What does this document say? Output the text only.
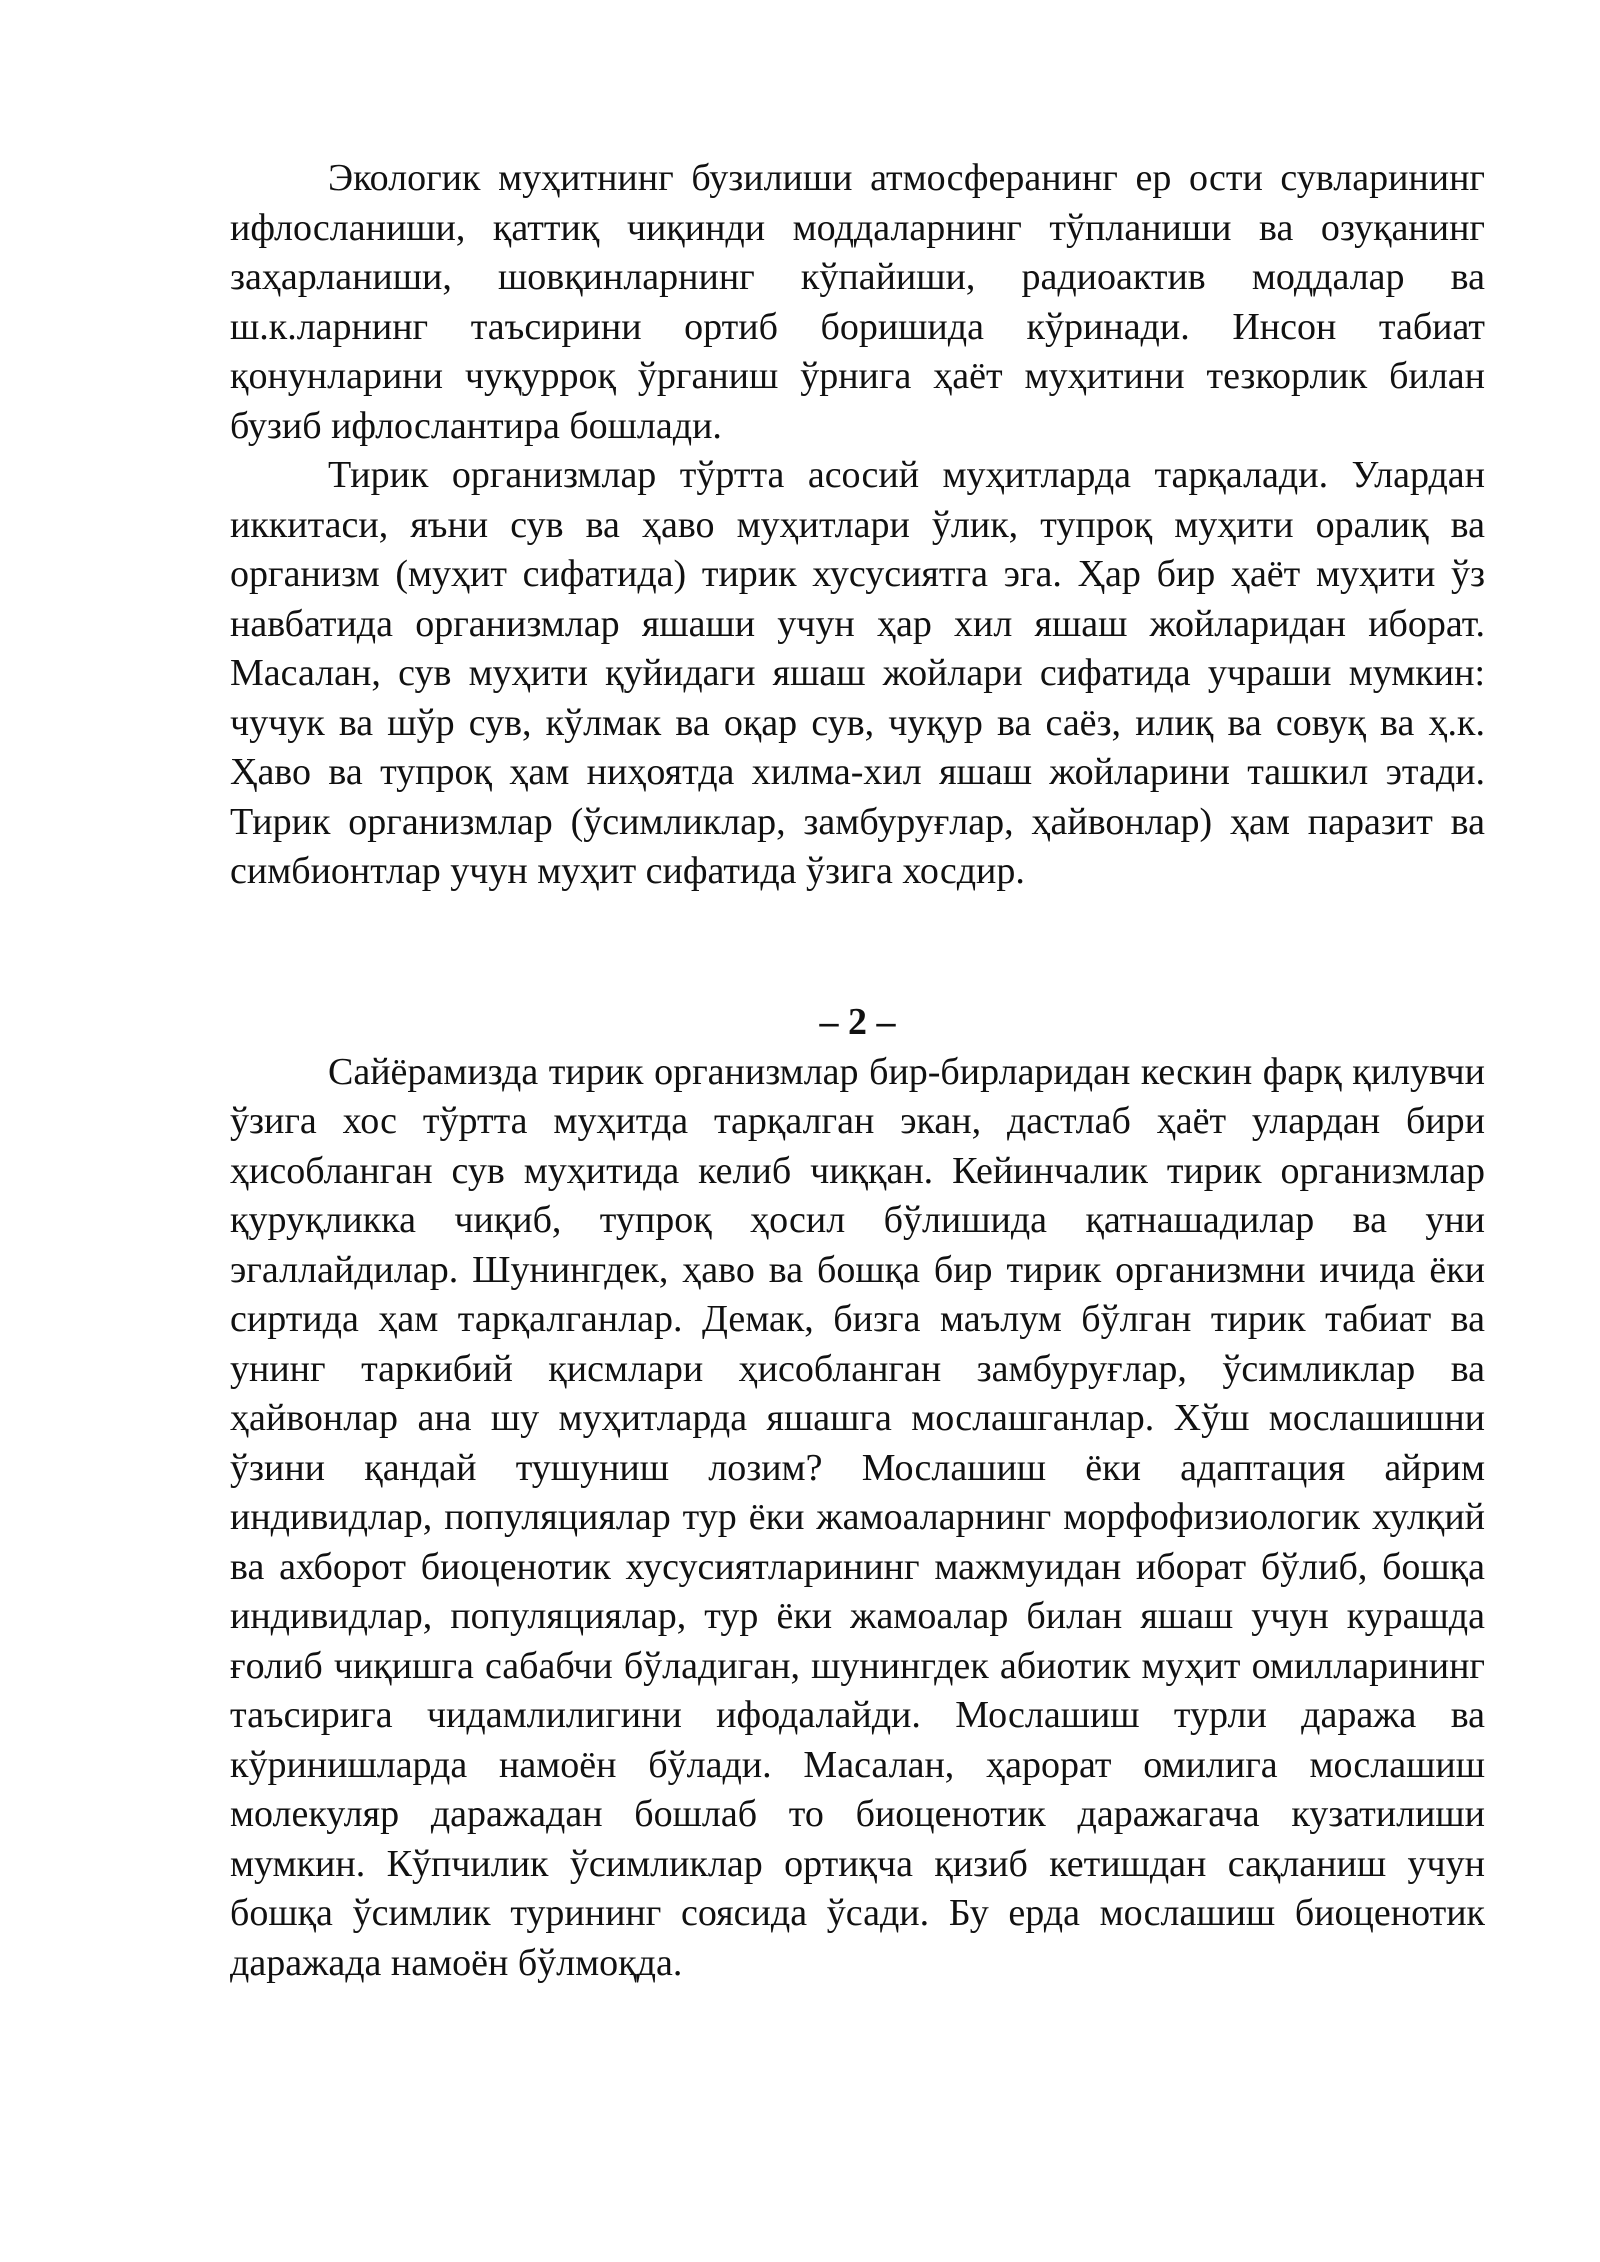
Экологик муҳитнинг бузилиши атмосферанинг ер ости сувларининг ифлосланиши, қаттиқ чиқинди моддаларнинг тўпланиши ва озуқанинг заҳарланиши, шовқинларнинг кўпайиши, радиоактив моддалар ва ш.к.ларнинг таъсирини ортиб боришида кўринади. Инсон табиат қонунларини чуқурроқ ўрганиш ўрнига ҳаёт муҳитини тезкорлик билан бузиб ифлослантира бошлади.

Тирик организмлар тўртта асосий муҳитларда тарқалади. Улардан иккитаси, яъни сув ва ҳаво муҳитлари ўлик, тупроқ муҳити оралиқ ва организм (муҳит сифатида) тирик хусусиятга эга. Ҳар бир ҳаёт муҳити ўз навбатида организмлар яшаши учун ҳар хил яшаш жойларидан иборат. Масалан, сув муҳити қуйидаги яшаш жойлари сифатида учраши мумкин: чучук ва шўр сув, кўлмак ва оқар сув, чуқур ва саёз, илиқ ва совуқ ва ҳ.к. Ҳаво ва тупроқ ҳам ниҳоятда хилма-хил яшаш жойларини ташкил этади. Тирик организмлар (ўсимликлар, замбуруғлар, ҳайвонлар) ҳам паразит ва симбионтлар учун муҳит сифатида ўзига хосдир.

– 2 –

Сайёрамизда тирик организмлар бир-бирларидан кескин фарқ қилувчи ўзига хос тўртта муҳитда тарқалган экан, дастлаб ҳаёт улардан бири ҳисобланган сув муҳитида келиб чиққан. Кейинчалик тирик организмлар қуруқликка чиқиб, тупроқ ҳосил бўлишида қатнашадилар ва уни эгаллайдилар. Шунингдек, ҳаво ва бошқа бир тирик организмни ичида ёки сиртида ҳам тарқалганлар. Демак, бизга маълум бўлган тирик табиат ва унинг таркибий қисмлари ҳисобланган замбуруғлар, ўсимликлар ва ҳайвонлар ана шу муҳитларда яшашга мослашганлар. Хўш мослашишни ўзини қандай тушуниш лозим? Мослашиш ёки адаптация айрим индивидлар, популяциялар тур ёки жамоаларнинг морфофизиологик хулқий ва ахборот биоценотик хусусиятларининг мажмуидан иборат бўлиб, бошқа индивидлар, популяциялар, тур ёки жамоалар билан яшаш учун курашда ғолиб чиқишга сабабчи бўладиган, шунингдек абиотик муҳит омилларининг таъсирига чидамлилигини ифодалайди. Мослашиш турли даража ва кўринишларда намоён бўлади. Масалан, ҳарорат омилига мослашиш молекуляр даражадан бошлаб то биоценотик даражагача кузатилиши мумкин. Кўпчилик ўсимликлар ортиқча қизиб кетишдан сақланиш учун бошқа ўсимлик турининг соясида ўсади. Бу ерда мослашиш биоценотик даражада намоён бўлмоқда.
